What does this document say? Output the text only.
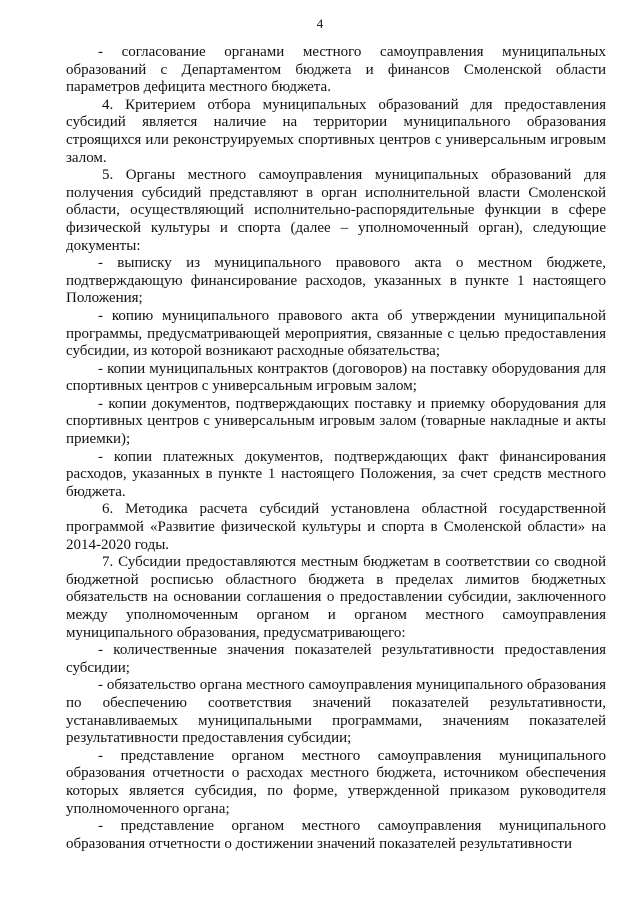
4

- согласование органами местного самоуправления муниципальных образований с Департаментом бюджета и финансов Смоленской области параметров дефицита местного бюджета.

4. Критерием отбора муниципальных образований для предоставления субсидий является наличие на территории муниципального образования строящихся или реконструируемых спортивных центров с универсальным игровым залом.

5. Органы местного самоуправления муниципальных образований для получения субсидий представляют в орган исполнительной власти Смоленской области, осуществляющий исполнительно-распорядительные функции в сфере физической культуры и спорта (далее – уполномоченный орган), следующие документы:

- выписку из муниципального правового акта о местном бюджете, подтверждающую финансирование расходов, указанных в пункте 1 настоящего Положения;

- копию муниципального правового акта об утверждении муниципальной программы, предусматривающей мероприятия, связанные с целью предоставления субсидии, из которой возникают расходные обязательства;

- копии муниципальных контрактов (договоров) на поставку оборудования для спортивных центров с универсальным игровым залом;

- копии документов, подтверждающих поставку и приемку оборудования для спортивных центров с универсальным игровым залом (товарные накладные и акты приемки);

- копии платежных документов, подтверждающих факт финансирования расходов, указанных в пункте 1 настоящего Положения, за счет средств местного бюджета.

6. Методика расчета субсидий установлена областной государственной программой «Развитие физической культуры и спорта в Смоленской области» на 2014-2020 годы.

7. Субсидии предоставляются местным бюджетам в соответствии со сводной бюджетной росписью областного бюджета в пределах лимитов бюджетных обязательств на основании соглашения о предоставлении субсидии, заключенного между уполномоченным органом и органом местного самоуправления муниципального образования, предусматривающего:

- количественные значения показателей результативности предоставления субсидии;

- обязательство органа местного самоуправления муниципального образования по обеспечению соответствия значений показателей результативности, устанавливаемых муниципальными программами, значениям показателей результативности предоставления субсидии;

- представление органом местного самоуправления муниципального образования отчетности о расходах местного бюджета, источником обеспечения которых является субсидия, по форме, утвержденной приказом руководителя уполномоченного органа;

- представление органом местного самоуправления муниципального образования отчетности о достижении значений показателей результативности
